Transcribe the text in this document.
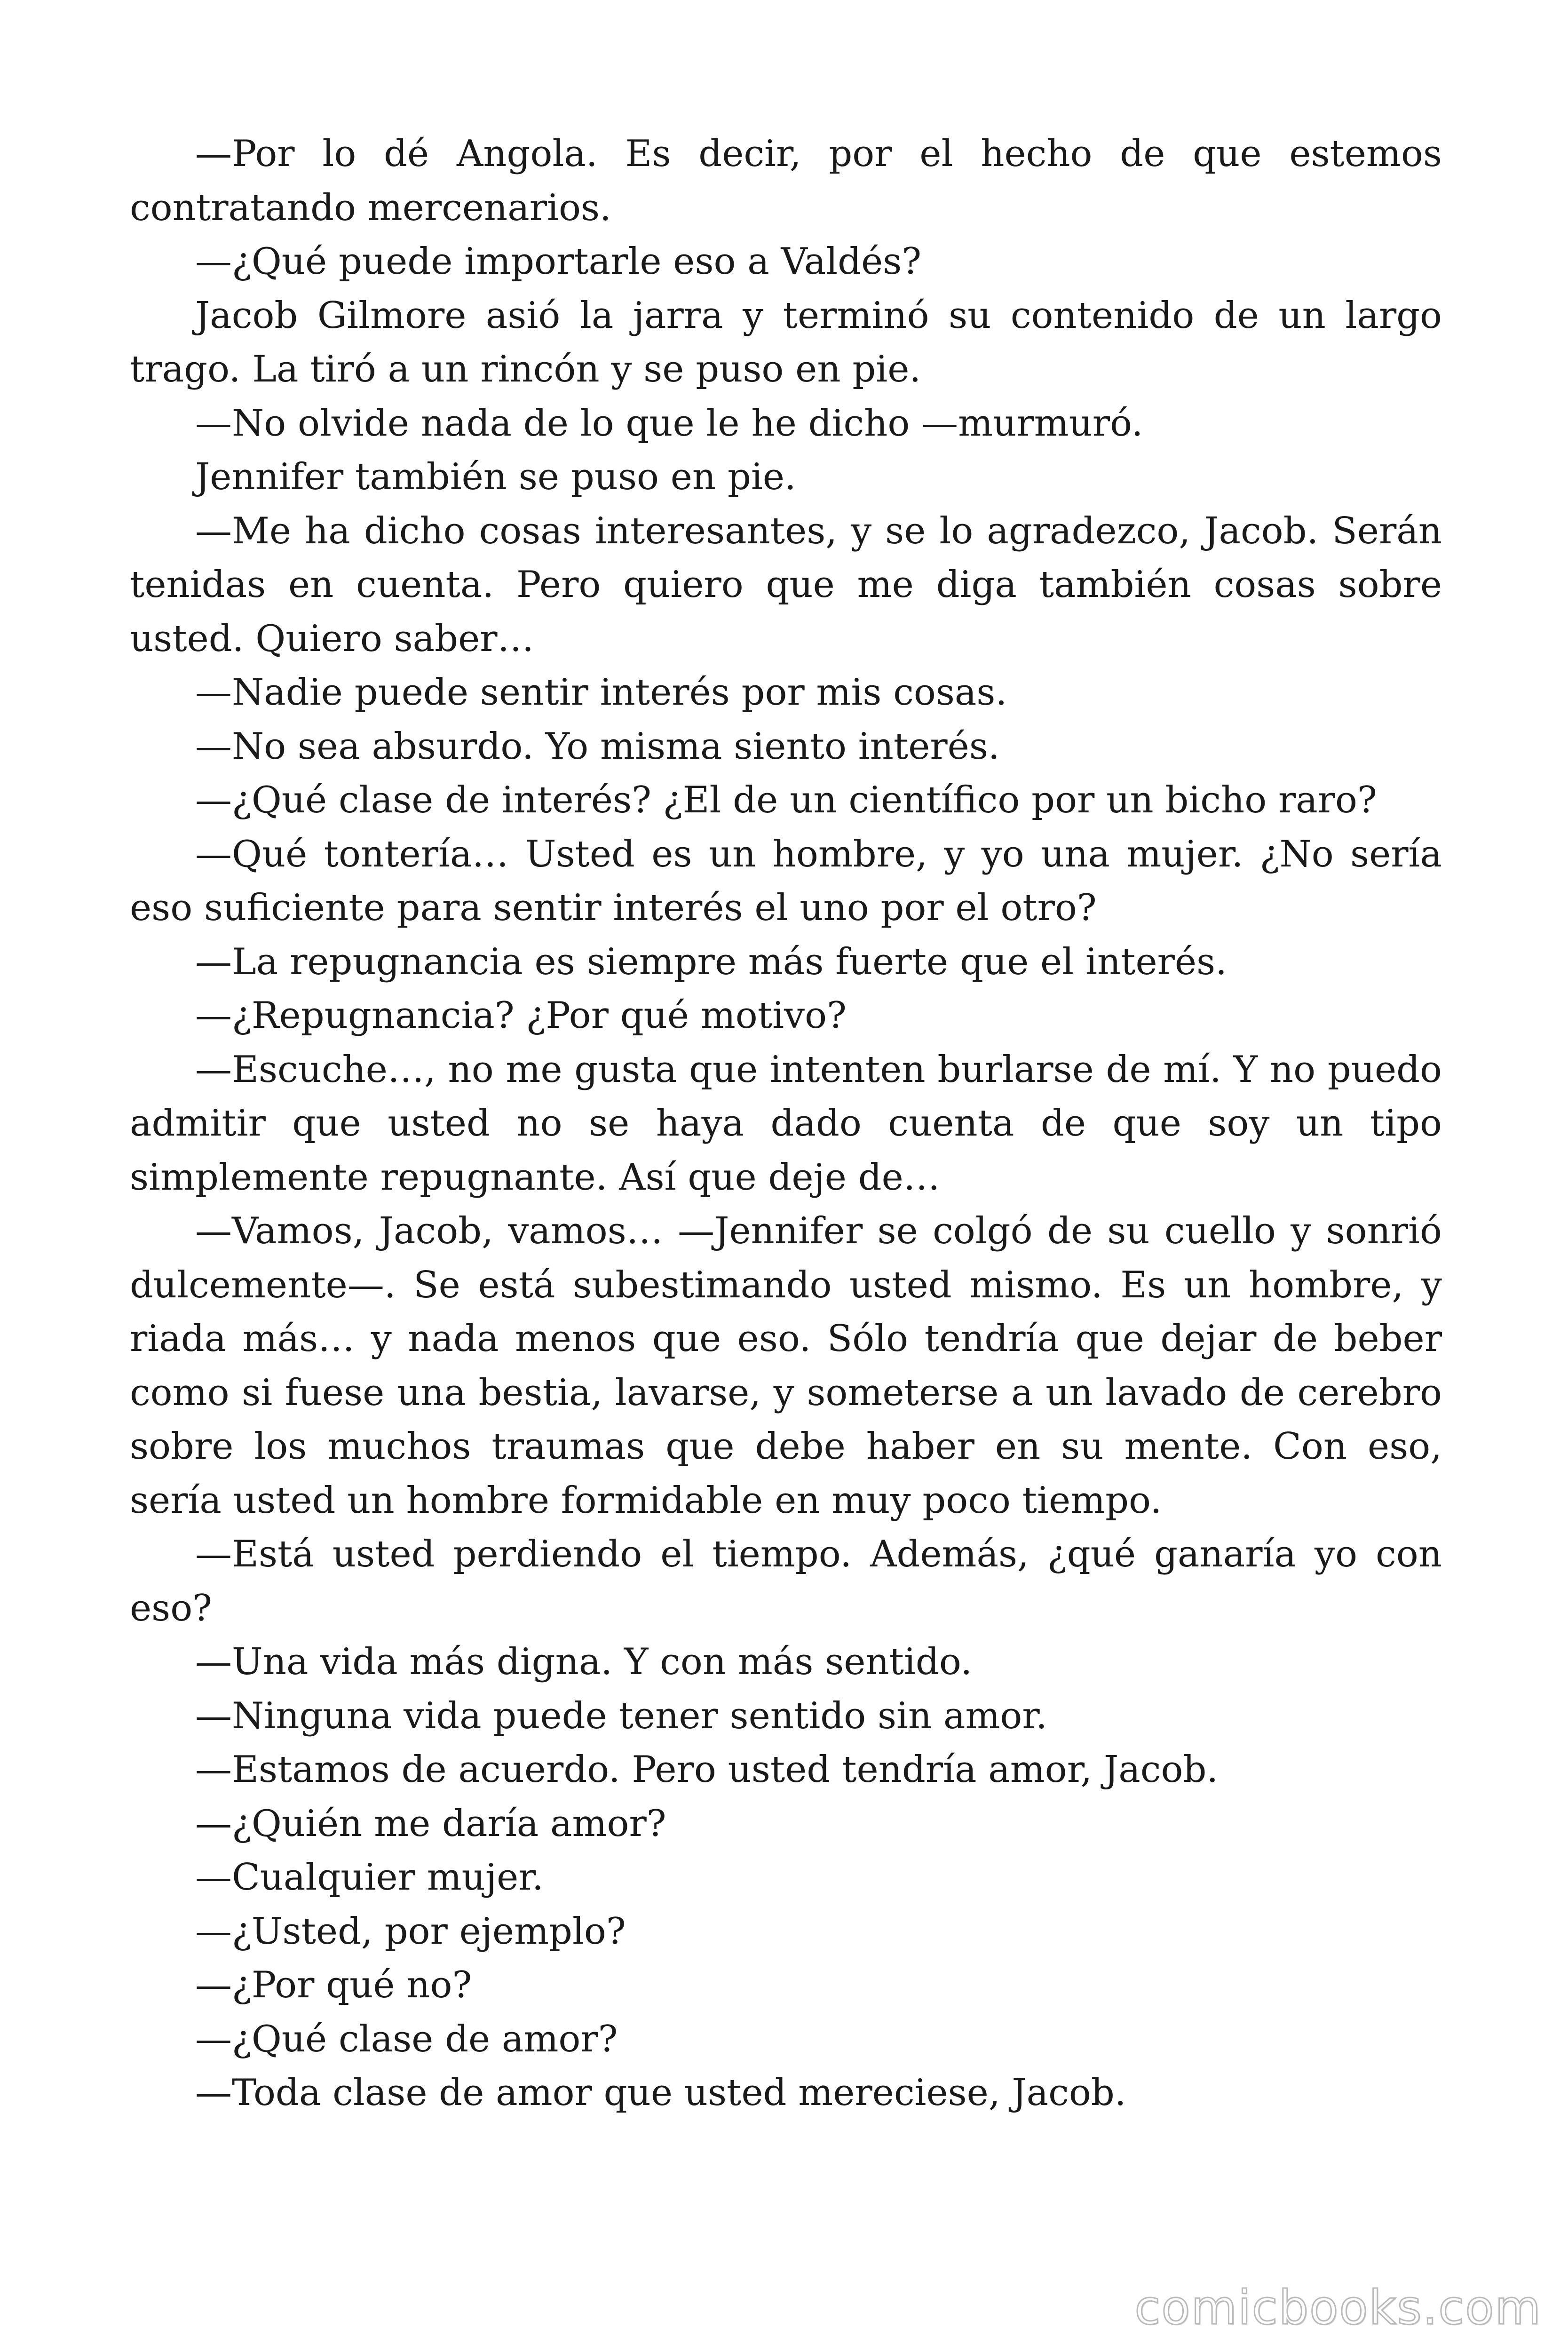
—Por lo dé Angola. Es decir, por el hecho de que estemos contratando mercenarios.

—¿Qué puede importarle eso a Valdés?

Jacob Gilmore asió la jarra y terminó su contenido de un largo trago. La tiró a un rincón y se puso en pie.

—No olvide nada de lo que le he dicho —murmuró.

Jennifer también se puso en pie.

—Me ha dicho cosas interesantes, y se lo agradezco, Jacob. Serán tenidas en cuenta. Pero quiero que me diga también cosas sobre usted. Quiero saber…

—Nadie puede sentir interés por mis cosas.

—No sea absurdo. Yo misma siento interés.

—¿Qué clase de interés? ¿El de un científico por un bicho raro?

—Qué tontería… Usted es un hombre, y yo una mujer. ¿No sería eso suficiente para sentir interés el uno por el otro?

—La repugnancia es siempre más fuerte que el interés.

—¿Repugnancia? ¿Por qué motivo?

—Escuche…, no me gusta que intenten burlarse de mí. Y no puedo admitir que usted no se haya dado cuenta de que soy un tipo simplemente repugnante. Así que deje de…

—Vamos, Jacob, vamos… —Jennifer se colgó de su cuello y sonrió dulcemente—. Se está subestimando usted mismo. Es un hombre, y riada más… y nada menos que eso. Sólo tendría que dejar de beber como si fuese una bestia, lavarse, y someterse a un lavado de cerebro sobre los muchos traumas que debe haber en su mente. Con eso, sería usted un hombre formidable en muy poco tiempo.

—Está usted perdiendo el tiempo. Además, ¿qué ganaría yo con eso?

—Una vida más digna. Y con más sentido.

—Ninguna vida puede tener sentido sin amor.

—Estamos de acuerdo. Pero usted tendría amor, Jacob.

—¿Quién me daría amor?

—Cualquier mujer.

—¿Usted, por ejemplo?

—¿Por qué no?

—¿Qué clase de amor?

—Toda clase de amor que usted mereciese, Jacob.

comicbooks.com
